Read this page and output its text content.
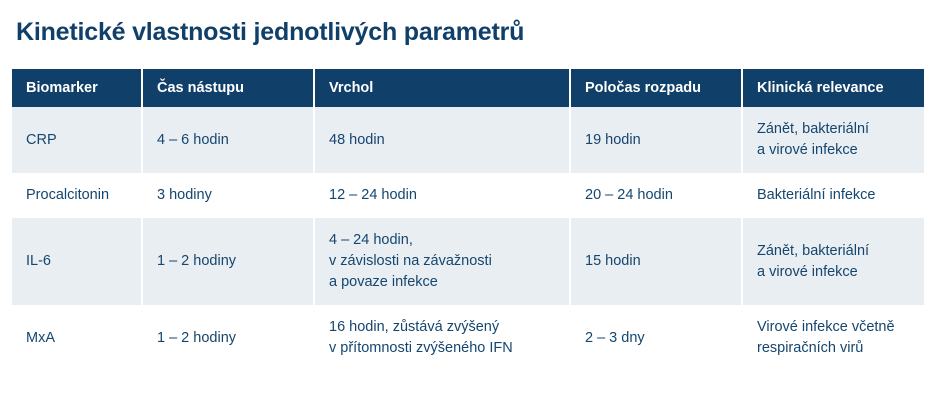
Kinetické vlastnosti jednotlivých parametrů
Biomarker	Čas nástupu	Vrchol	Poločas rozpadu	Klinická relevance
CRP	4 – 6 hodin	48 hodin	19 hodin	Zánět, bakteriální
a virové infekce

Procalcitonin	3 hodiny	12 – 24 hodin	20 – 24 hodin	Bakteriální infekce

IL-6	1 – 2 hodiny	4 – 24 hodin,
v závislosti na závažnosti
a povaze infekce	15 hodin	Zánět, bakteriální
a virové infekce

MxA	1 – 2 hodiny	16 hodin, zůstává zvýšený
v přítomnosti zvýšeného IFN	2 – 3 dny	Virové infekce včetně
respiračních virů
